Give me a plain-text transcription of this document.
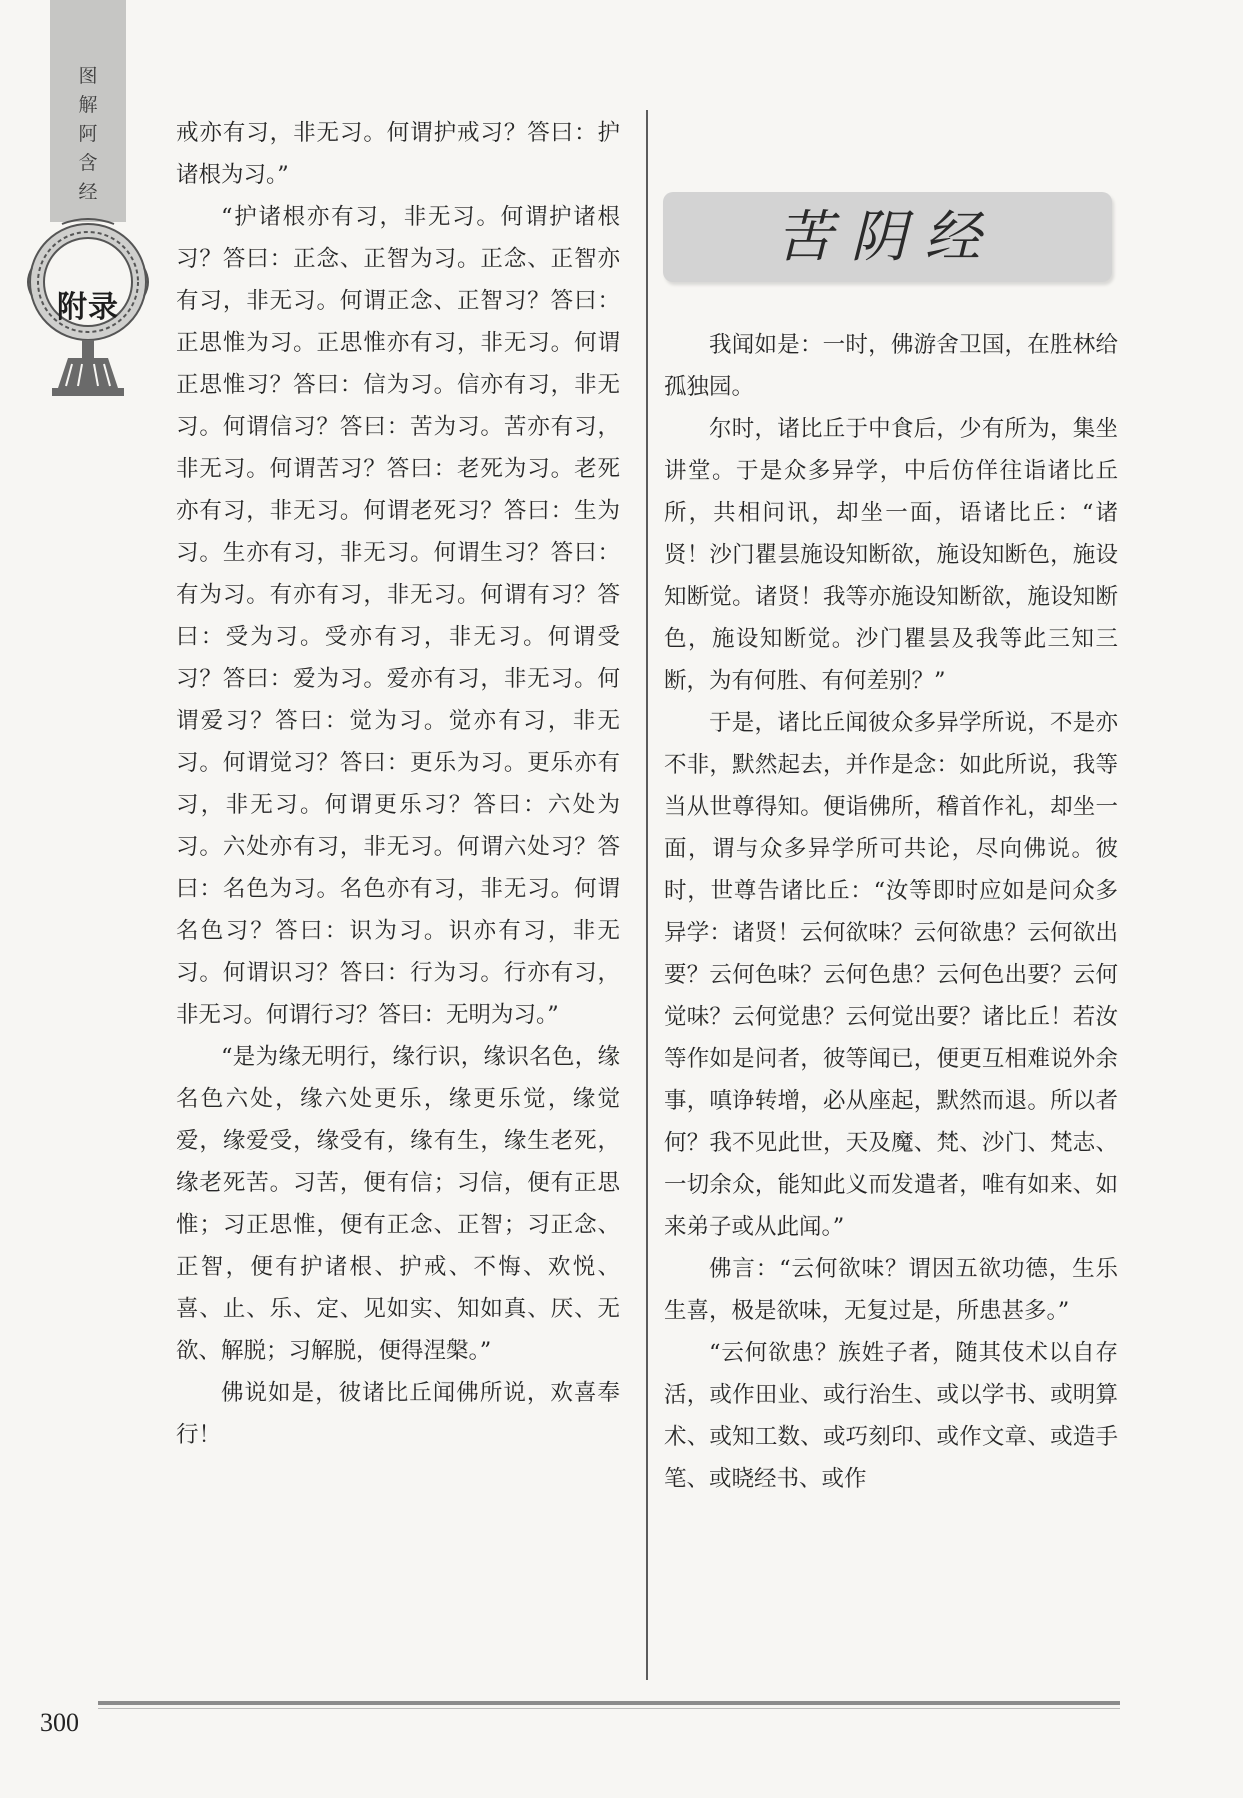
图
解
阿
含
经
附录

戒亦有习，非无习。何谓护戒习？答曰：护诸根为习。”

“护诸根亦有习，非无习。何谓护诸根习？答曰：正念、正智为习。正念、正智亦有习，非无习。何谓正念、正智习？答曰：正思惟为习。正思惟亦有习，非无习。何谓正思惟习？答曰：信为习。信亦有习，非无习。何谓信习？答曰：苦为习。苦亦有习，非无习。何谓苦习？答曰：老死为习。老死亦有习，非无习。何谓老死习？答曰：生为习。生亦有习，非无习。何谓生习？答曰：有为习。有亦有习，非无习。何谓有习？答曰：受为习。受亦有习，非无习。何谓受习？答曰：爱为习。爱亦有习，非无习。何谓爱习？答曰：觉为习。觉亦有习，非无习。何谓觉习？答曰：更乐为习。更乐亦有习，非无习。何谓更乐习？答曰：六处为习。六处亦有习，非无习。何谓六处习？答曰：名色为习。名色亦有习，非无习。何谓名色习？答曰：识为习。识亦有习，非无习。何谓识习？答曰：行为习。行亦有习，非无习。何谓行习？答曰：无明为习。”

“是为缘无明行，缘行识，缘识名色，缘名色六处，缘六处更乐，缘更乐觉，缘觉爱，缘爱受，缘受有，缘有生，缘生老死，缘老死苦。习苦，便有信；习信，便有正思惟；习正思惟，便有正念、正智；习正念、正智，便有护诸根、护戒、不悔、欢悦、喜、止、乐、定、见如实、知如真、厌、无欲、解脱；习解脱，便得涅槃。”

佛说如是，彼诸比丘闻佛所说，欢喜奉行！

苦阴经

我闻如是：一时，佛游舍卫国，在胜林给孤独园。

尔时，诸比丘于中食后，少有所为，集坐讲堂。于是众多异学，中后仿佯往诣诸比丘所，共相问讯，却坐一面，语诸比丘：“诸贤！沙门瞿昙施设知断欲，施设知断色，施设知断觉。诸贤！我等亦施设知断欲，施设知断色，施设知断觉。沙门瞿昙及我等此三知三断，为有何胜、有何差别？”

于是，诸比丘闻彼众多异学所说，不是亦不非，默然起去，并作是念：如此所说，我等当从世尊得知。便诣佛所，稽首作礼，却坐一面，谓与众多异学所可共论，尽向佛说。彼时，世尊告诸比丘：“汝等即时应如是问众多异学：诸贤！云何欲味？云何欲患？云何欲出要？云何色味？云何色患？云何色出要？云何觉味？云何觉患？云何觉出要？诸比丘！若汝等作如是问者，彼等闻已，便更互相难说外余事，嗔诤转增，必从座起，默然而退。所以者何？我不见此世，天及魔、梵、沙门、梵志、一切余众，能知此义而发遣者，唯有如来、如来弟子或从此闻。”

佛言：“云何欲味？谓因五欲功德，生乐生喜，极是欲味，无复过是，所患甚多。”

“云何欲患？族姓子者，随其伎术以自存活，或作田业、或行治生、或以学书、或明算术、或知工数、或巧刻印、或作文章、或造手笔、或晓经书、或作

300
